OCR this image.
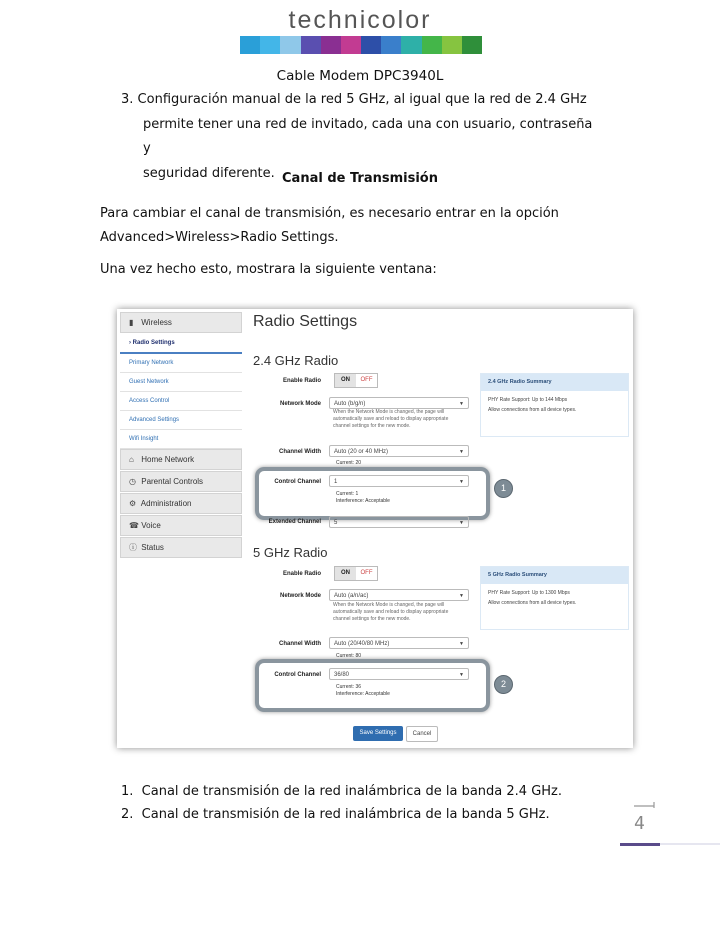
technicolor
Cable Modem DPC3940L
3. Configuración manual de la red 5 GHz, al igual que la red de 2.4 GHz
permite tener una red de invitado, cada una con usuario, contraseña y
seguridad diferente. Canal de Transmisión
Para cambiar el canal de transmisión, es necesario entrar en la opción
Advanced>Wireless>Radio Settings.
Una vez hecho esto, mostrara la siguiente ventana:
▮ Wireless
› Radio Settings
Primary Network
Guest Network
Access Control
Advanced Settings
Wifi Insight
⌂ Home Network
◷ Parental Controls
⚙ Administration
☎ Voice
ⓘ Status
Radio Settings
2.4 GHz Radio
Enable Radio	ON	OFF
Network Mode	Auto (b/g/n)	▼
When the Network Mode is changed, the page will
automatically save and reload to display appropriate
channel settings for the new mode.
Channel Width	Auto (20 or 40 MHz)	▼
Current: 20
Control Channel	1	▼
Current: 1
Interference: Acceptable
1
Extended Channel	5	▼
2.4 GHz Radio Summary
PHY Rate Support: Up to 144 Mbps
Allow connections from all device types.
5 GHz Radio
Enable Radio	ON	OFF
Network Mode	Auto (a/n/ac)	▼
When the Network Mode is changed, the page will
automatically save and reload to display appropriate
channel settings for the new mode.
Channel Width	Auto (20/40/80 MHz)	▼
Current: 80
Control Channel	36/80	▼
Current: 36
Interference: Acceptable
2
5 GHz Radio Summary
PHY Rate Support: Up to 1300 Mbps
Allow connections from all device types.
Save Settings	Cancel
1. Canal de transmisión de la red inalámbrica de la banda 2.4 GHz.
2. Canal de transmisión de la red inalámbrica de la banda 5 GHz.	4
